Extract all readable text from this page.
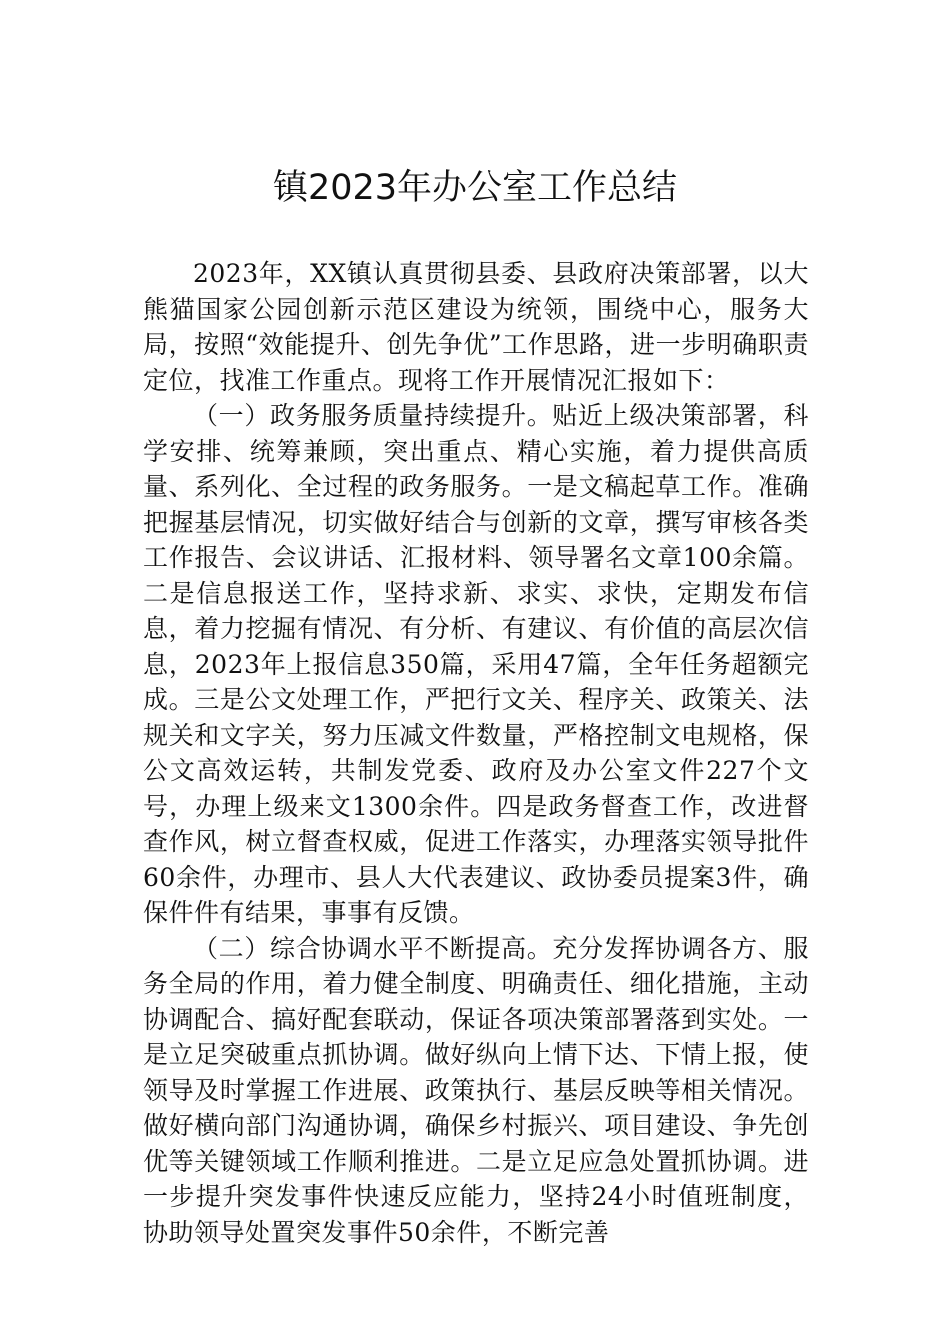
镇2023年办公室工作总结

2023年，XX镇认真贯彻县委、县政府决策部署，以大熊猫国家公园创新示范区建设为统领，围绕中心，服务大局，按照“效能提升、创先争优”工作思路，进一步明确职责定位，找准工作重点。现将工作开展情况汇报如下：

（一）政务服务质量持续提升。贴近上级决策部署，科学安排、统筹兼顾，突出重点、精心实施，着力提供高质量、系列化、全过程的政务服务。一是文稿起草工作。准确把握基层情况，切实做好结合与创新的文章，撰写审核各类工作报告、会议讲话、汇报材料、领导署名文章100余篇。二是信息报送工作，坚持求新、求实、求快，定期发布信息，着力挖掘有情况、有分析、有建议、有价值的高层次信息，2023年上报信息350篇，采用47篇，全年任务超额完成。三是公文处理工作，严把行文关、程序关、政策关、法规关和文字关，努力压减文件数量，严格控制文电规格，保公文高效运转，共制发党委、政府及办公室文件227个文号，办理上级来文1300余件。四是政务督查工作，改进督查作风，树立督查权威，促进工作落实，办理落实领导批件60余件，办理市、县人大代表建议、政协委员提案3件，确保件件有结果，事事有反馈。

（二）综合协调水平不断提高。充分发挥协调各方、服务全局的作用，着力健全制度、明确责任、细化措施，主动协调配合、搞好配套联动，保证各项决策部署落到实处。一是立足突破重点抓协调。做好纵向上情下达、下情上报，使领导及时掌握工作进展、政策执行、基层反映等相关情况。做好横向部门沟通协调，确保乡村振兴、项目建设、争先创优等关键领域工作顺利推进。二是立足应急处置抓协调。进一步提升突发事件快速反应能力，坚持24小时值班制度，协助领导处置突发事件50余件，不断完善
